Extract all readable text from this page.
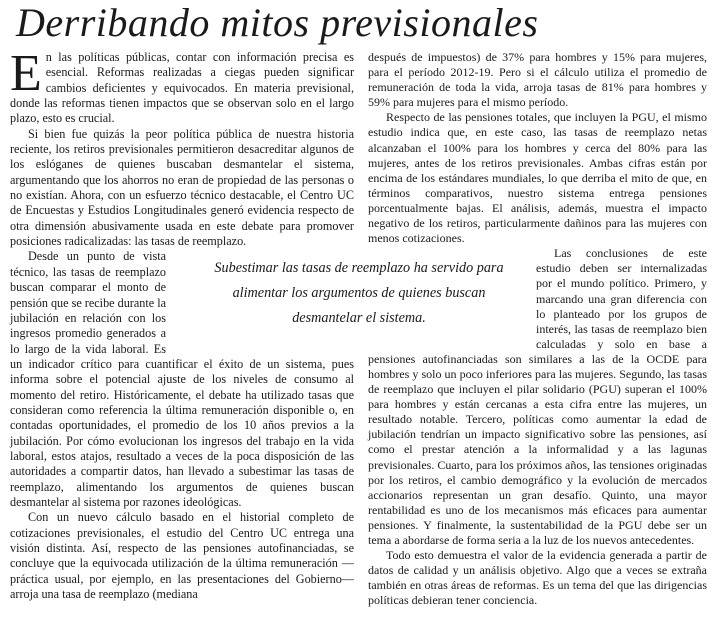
Derribando mitos previsionales

En las políticas públicas, contar con información precisa es esencial. Reformas realizadas a ciegas pueden significar cambios deficientes y equivocados. En materia previsional, donde las reformas tienen impactos que se observan solo en el largo plazo, esto es crucial.

Si bien fue quizás la peor política pública de nuestra historia reciente, los retiros previsionales permitieron desacreditar algunos de los eslóganes de quienes buscaban desmantelar el sistema, argumentando que los ahorros no eran de propiedad de las personas o no existían. Ahora, con un esfuerzo técnico destacable, el Centro UC de Encuestas y Estudios Longitudinales generó evidencia respecto de otra dimensión abusivamente usada en este debate para promover posiciones radicalizadas: las tasas de reemplazo.

Desde un punto de vista técnico, las tasas de reemplazo buscan comparar el monto de pensión que se recibe durante la jubilación en relación con los ingresos promedio generados a lo largo de la vida laboral. Es un indicador crítico para cuantificar el éxito de un sistema, pues informa sobre el potencial ajuste de los niveles de consumo al momento del retiro. Históricamente, el debate ha utilizado tasas que consideran como referencia la última remuneración disponible o, en contadas oportunidades, el promedio de los 10 años previos a la jubilación. Por cómo evolucionan los ingresos del trabajo en la vida laboral, estos atajos, resultado a veces de la poca disposición de las autoridades a compartir datos, han llevado a subestimar las tasas de reemplazo, alimentando los argumentos de quienes buscan desmantelar al sistema por razones ideológicas.

Con un nuevo cálculo basado en el historial completo de cotizaciones previsionales, el estudio del Centro UC entrega una visión distinta. Así, respecto de las pensiones autofinanciadas, se concluye que la equivocada utilización de la última remuneración —práctica usual, por ejemplo, en las presentaciones del Gobierno— arroja una tasa de reemplazo (mediana

después de impuestos) de 37% para hombres y 15% para mujeres, para el período 2012-19. Pero si el cálculo utiliza el promedio de remuneración de toda la vida, arroja tasas de 81% para hombres y 59% para mujeres para el mismo período.

Respecto de las pensiones totales, que incluyen la PGU, el mismo estudio indica que, en este caso, las tasas de reemplazo netas alcanzaban el 100% para los hombres y cerca del 80% para las mujeres, antes de los retiros previsionales. Ambas cifras están por encima de los estándares mundiales, lo que derriba el mito de que, en términos comparativos, nuestro sistema entrega pensiones porcentualmente bajas. El análisis, además, muestra el impacto negativo de los retiros, particularmente dañinos para las mujeres con menos cotizaciones.

Las conclusiones de este estudio deben ser internalizadas por el mundo político. Primero, y marcando una gran diferencia con lo planteado por los grupos de interés, las tasas de reemplazo bien calculadas y solo en base a pensiones autofinanciadas son similares a las de la OCDE para hombres y solo un poco inferiores para las mujeres. Segundo, las tasas de reemplazo que incluyen el pilar solidario (PGU) superan el 100% para hombres y están cercanas a esta cifra entre las mujeres, un resultado notable. Tercero, políticas como aumentar la edad de jubilación tendrían un impacto significativo sobre las pensiones, así como el prestar atención a la informalidad y a las lagunas previsionales. Cuarto, para los próximos años, las tensiones originadas por los retiros, el cambio demográfico y la evolución de mercados accionarios representan un gran desafío. Quinto, una mayor rentabilidad es uno de los mecanismos más eficaces para aumentar pensiones. Y finalmente, la sustentabilidad de la PGU debe ser un tema a abordarse de forma seria a la luz de los nuevos antecedentes.

Todo esto demuestra el valor de la evidencia generada a partir de datos de calidad y un análisis objetivo. Algo que a veces se extraña también en otras áreas de reformas. Es un tema del que las dirigencias políticas debieran tener conciencia.

Subestimar las tasas de reemplazo ha servido para alimentar los argumentos de quienes buscan desmantelar el sistema.
